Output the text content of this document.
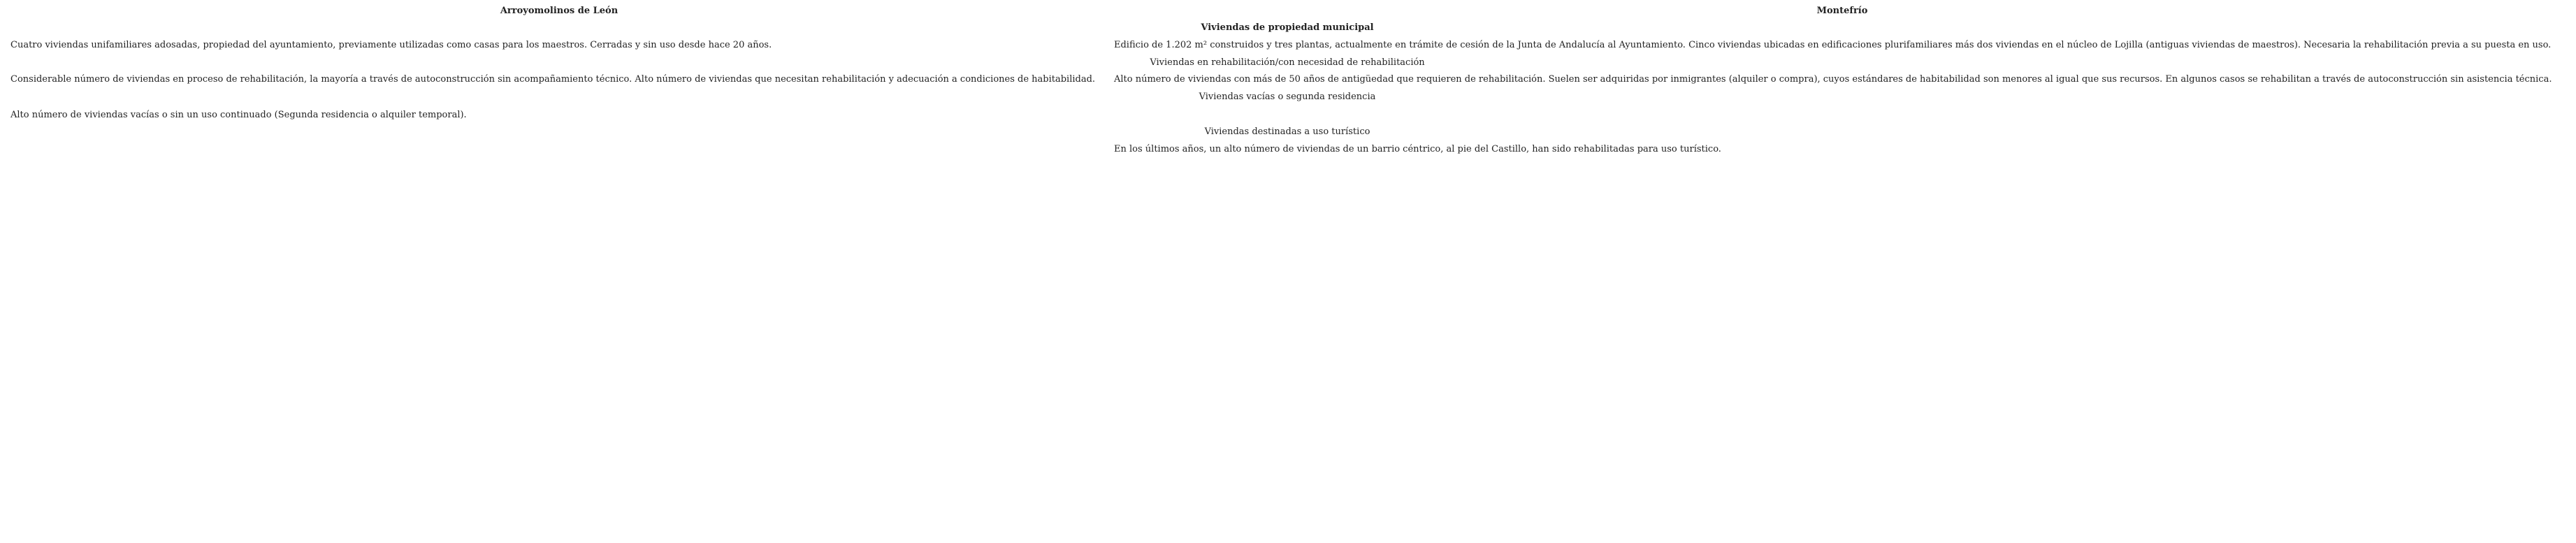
Arroyomolinos de León	Montefrío
Viviendas de propiedad municipal
Cuatro viviendas unifamiliares adosadas, propiedad del ayuntamiento, previamente utilizadas como casas para los maestros. Cerradas y sin uso desde hace 20 años.	Edificio de 1.202 m² construidos y tres plantas, actualmente en trámite de cesión de la Junta de Andalucía al Ayuntamiento. Cinco viviendas ubicadas en edificaciones plurifamiliares más dos viviendas en el núcleo de Lojilla (antiguas viviendas de maestros). Necesaria la rehabilitación previa a su puesta en uso.
Viviendas en rehabilitación/con necesidad de rehabilitación
Considerable número de viviendas en proceso de rehabilitación, la mayoría a través de autoconstrucción sin acompañamiento técnico. Alto número de viviendas que necesitan rehabilitación y adecuación a condiciones de habitabilidad. Alto número de viviendas con más de 50 años de antigüedad que requieren de rehabilitación. Suelen ser adquiridas por inmigrantes (alquiler o compra), cuyos estándares de habitabilidad son menores al igual que sus recursos. En algunos casos se rehabilitan a través de autoconstrucción sin asistencia técnica.
Viviendas vacías o segunda residencia
Alto número de viviendas vacías o sin un uso continuado (Segunda residencia o alquiler temporal).
Viviendas destinadas a uso turístico
En los últimos años, un alto número de viviendas de un barrio céntrico, al pie del Castillo, han sido rehabilitadas para uso turístico.
